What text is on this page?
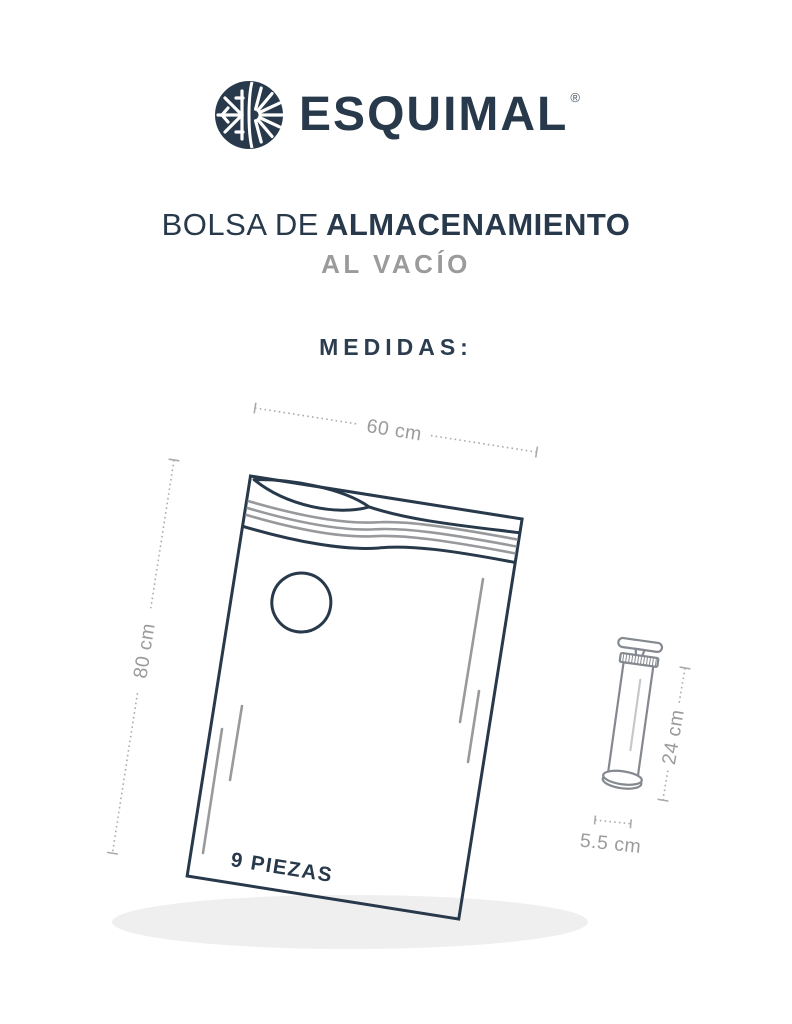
ESQUIMAL®
BOLSA DE ALMACENAMIENTO
AL VACÍO
MEDIDAS:
60 cm
80 cm
9 PIEZAS
24 cm
5.5 cm
